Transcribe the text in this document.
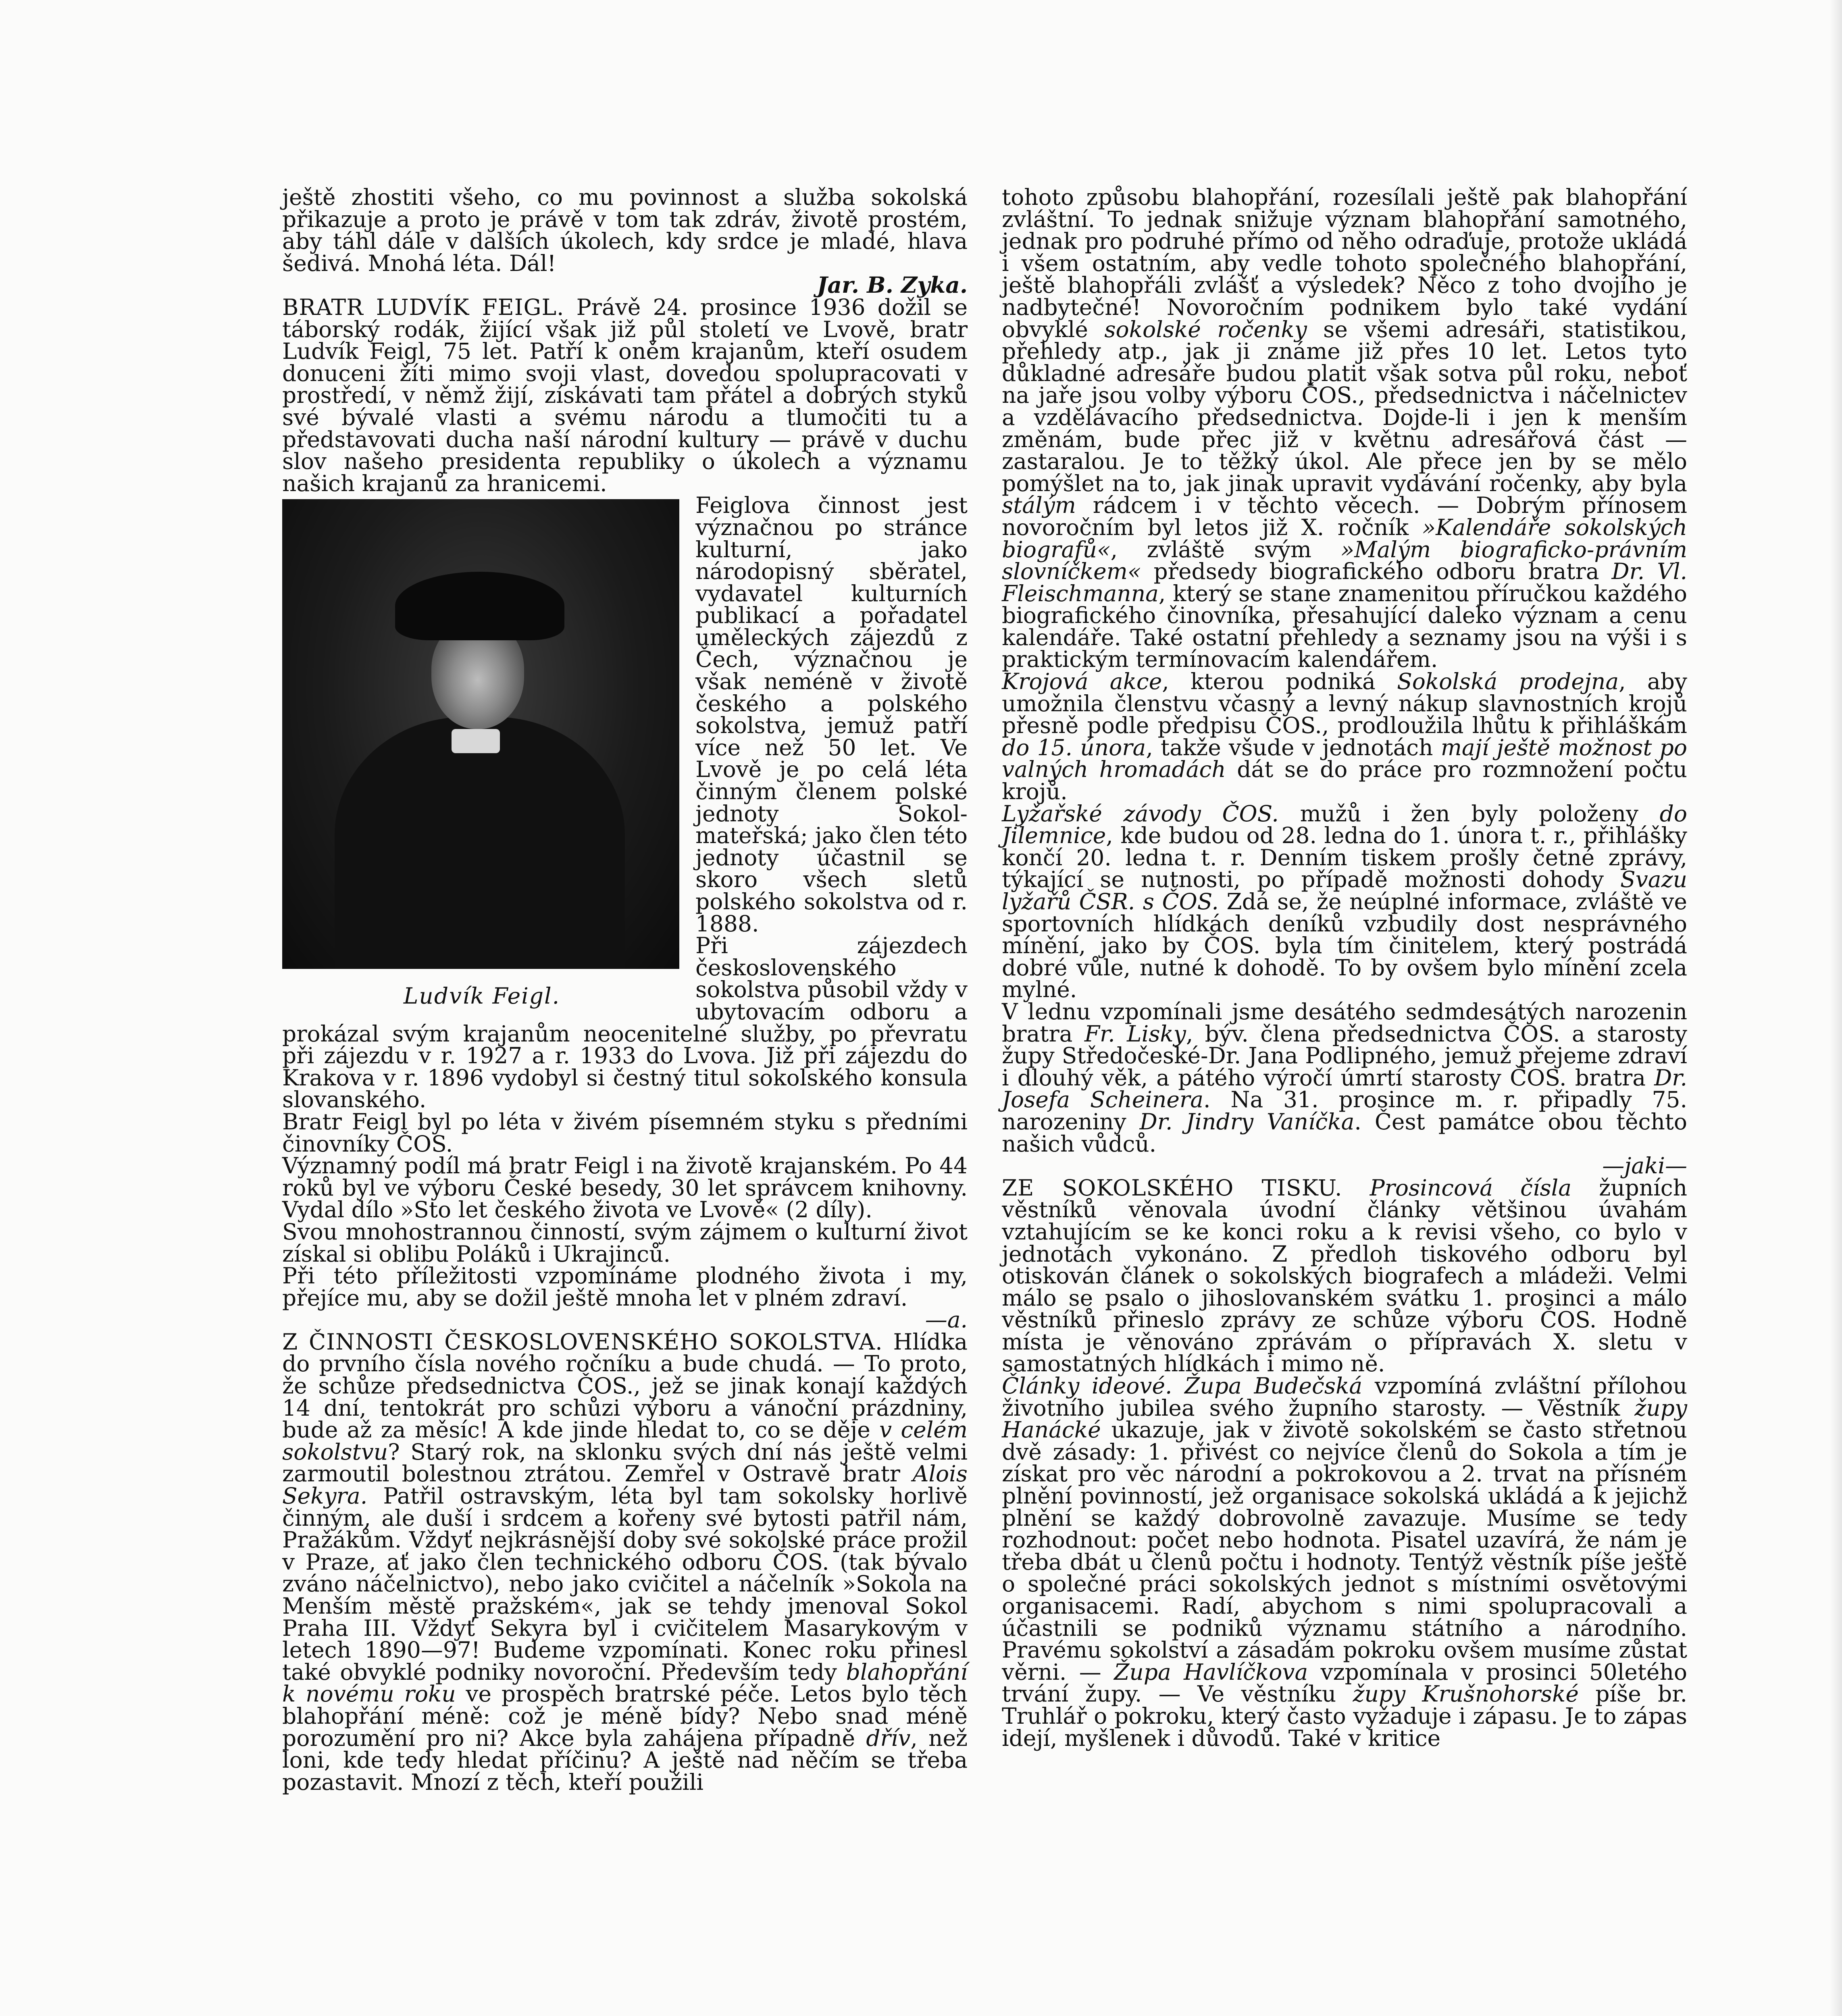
ještě zhostiti všeho, co mu povinnost a služba sokolská přikazuje a proto je právě v tom tak zdráv, životě prostém, aby táhl dále v dalších úkolech, kdy srdce je mladé, hlava šedivá. Mnohá léta. Dál!

Jar. B. Zyka.

BRATR LUDVÍK FEIGL. Právě 24. prosince 1936 dožil se táborský rodák, žijící však již půl století ve Lvově, bratr Ludvík Feigl, 75 let. Patří k oněm krajanům, kteří osudem donuceni žíti mimo svoji vlast, dovedou spolupracovati v prostředí, v němž žijí, získávati tam přátel a dobrých styků své bývalé vlasti a svému národu a tlumočiti tu a představovati ducha naší národní kultury — právě v duchu slov našeho presidenta republiky o úkolech a významu našich krajanů za hranicemi.

Ludvík Feigl.

Feiglova činnost jest význačnou po stránce kulturní, jako národopisný sběratel, vydavatel kulturních publikací a pořadatel uměleckých zájezdů z Čech, význačnou je však neméně v životě českého a polského sokolstva, jemuž patří více než 50 let. Ve Lvově je po celá léta činným členem polské jednoty Sokol-mateřská; jako člen této jednoty účastnil se skoro všech sletů polského sokolstva od r. 1888.

Při zájezdech československého sokolstva působil vždy v ubytovacím odboru a prokázal svým krajanům neocenitelné služby, po převratu při zájezdu v r. 1927 a r. 1933 do Lvova. Již při zájezdu do Krakova v r. 1896 vydobyl si čestný titul sokolského konsula slovanského.

Bratr Feigl byl po léta v živém písemném styku s předními činovníky ČOS.

Významný podíl má bratr Feigl i na životě krajanském. Po 44 roků byl ve výboru České besedy, 30 let správcem knihovny. Vydal dílo »Sto let českého života ve Lvově« (2 díly).

Svou mnohostrannou činností, svým zájmem o kulturní život získal si oblibu Poláků i Ukrajinců.

Při této příležitosti vzpomínáme plodného života i my, přejíce mu, aby se dožil ještě mnoha let v plném zdraví.

—a.

Z ČINNOSTI ČESKOSLOVENSKÉHO SOKOLSTVA. Hlídka do prvního čísla nového ročníku a bude chudá. — To proto, že schůze předsednictva ČOS., jež se jinak konají každých 14 dní, tentokrát pro schůzi výboru a vánoční prázdniny, bude až za měsíc! A kde jinde hledat to, co se děje v celém sokolstvu? Starý rok, na sklonku svých dní nás ještě velmi zarmoutil bolestnou ztrátou. Zemřel v Ostravě bratr Alois Sekyra. Patřil ostravským, léta byl tam sokolsky horlivě činným, ale duší i srdcem a kořeny své bytosti patřil nám, Pražákům. Vždyť nejkrásnější doby své sokolské práce prožil v Praze, ať jako člen technického odboru ČOS. (tak bývalo zváno náčelnictvo), nebo jako cvičitel a náčelník »Sokola na Menším městě pražském«, jak se tehdy jmenoval Sokol Praha III. Vždyť Sekyra byl i cvičitelem Masarykovým v letech 1890—97! Budeme vzpomínati. Konec roku přinesl také obvyklé podniky novoroční. Především tedy blahopřání k novému roku ve prospěch bratrské péče. Letos bylo těch blahopřání méně: což je méně bídy? Nebo snad méně porozumění pro ni? Akce byla zahájena případně dřív, než loni, kde tedy hledat příčinu? A ještě nad něčím se třeba pozastavit. Mnozí z těch, kteří použili

tohoto způsobu blahopřání, rozesílali ještě pak blahopřání zvláštní. To jednak snižuje význam blahopřání samotného, jednak pro podruhé přímo od něho odraďuje, protože ukládá i všem ostatním, aby vedle tohoto společného blahopřání, ještě blahopřáli zvlášť a výsledek? Něco z toho dvojího je nadbytečné! Novoročním podnikem bylo také vydání obvyklé sokolské ročenky se všemi adresáři, statistikou, přehledy atp., jak ji známe již přes 10 let. Letos tyto důkladné adresáře budou platit však sotva půl roku, neboť na jaře jsou volby výboru ČOS., předsednictva i náčelnictev a vzdělávacího předsednictva. Dojde-li i jen k menším změnám, bude přec již v květnu adresářová část — zastaralou. Je to těžký úkol. Ale přece jen by se mělo pomýšlet na to, jak jinak upravit vydávání ročenky, aby byla stálým rádcem i v těchto věcech. — Dobrým přínosem novoročním byl letos již X. ročník »Kalendáře sokolských biografů«, zvláště svým »Malým biograficko-právním slovníčkem« předsedy biografického odboru bratra Dr. Vl. Fleischmanna, který se stane znamenitou příručkou každého biografického činovníka, přesahující daleko význam a cenu kalendáře. Také ostatní přehledy a seznamy jsou na výši i s praktickým termínovacím kalendářem.

Krojová akce, kterou podniká Sokolská prodejna, aby umožnila členstvu včasný a levný nákup slavnostních krojů přesně podle předpisu ČOS., prodloužila lhůtu k přihláškám do 15. února, takže všude v jednotách mají ještě možnost po valných hromadách dát se do práce pro rozmnožení počtu krojů.

Lyžařské závody ČOS. mužů i žen byly položeny do Jilemnice, kde budou od 28. ledna do 1. února t. r., přihlášky končí 20. ledna t. r. Denním tiskem prošly četné zprávy, týkající se nutnosti, po případě možnosti dohody Svazu lyžařů ČSR. s ČOS. Zdá se, že neúplné informace, zvláště ve sportovních hlídkách deníků vzbudily dost nesprávného mínění, jako by ČOS. byla tím činitelem, který postrádá dobré vůle, nutné k dohodě. To by ovšem bylo mínění zcela mylné.

V lednu vzpomínali jsme desátého sedmdesátých narozenin bratra Fr. Lisky, býv. člena předsednictva ČOS. a starosty župy Středočeské-Dr. Jana Podlipného, jemuž přejeme zdraví i dlouhý věk, a pátého výročí úmrtí starosty ČOS. bratra Dr. Josefa Scheinera. Na 31. prosince m. r. připadly 75. narozeniny Dr. Jindry Vaníčka. Čest památce obou těchto našich vůdců.

—jaki—

ZE SOKOLSKÉHO TISKU. Prosincová čísla župních věstníků věnovala úvodní články většinou úvahám vztahujícím se ke konci roku a k revisi všeho, co bylo v jednotách vykonáno. Z předloh tiskového odboru byl otiskován článek o sokolských biografech a mládeži. Velmi málo se psalo o jihoslovanském svátku 1. prosinci a málo věstníků přineslo zprávy ze schůze výboru ČOS. Hodně místa je věnováno zprávám o přípravách X. sletu v samostatných hlídkách i mimo ně.

Články ideové. Župa Budečská vzpomíná zvláštní přílohou životního jubilea svého župního starosty. — Věstník župy Hanácké ukazuje, jak v životě sokolském se často střetnou dvě zásady: 1. přivést co nejvíce členů do Sokola a tím je získat pro věc národní a pokrokovou a 2. trvat na přísném plnění povinností, jež organisace sokolská ukládá a k jejichž plnění se každý dobrovolně zavazuje. Musíme se tedy rozhodnout: počet nebo hodnota. Pisatel uzavírá, že nám je třeba dbát u členů počtu i hodnoty. Tentýž věstník píše ještě o společné práci sokolských jednot s místními osvětovými organisacemi. Radí, abychom s nimi spolupracovali a účastnili se podniků významu státního a národního. Pravému sokolství a zásadám pokroku ovšem musíme zůstat věrni. — Župa Havlíčkova vzpomínala v prosinci 50letého trvání župy. — Ve věstníku župy Krušnohorské píše br. Truhlář o pokroku, který často vyžaduje i zápasu. Je to zápas idejí, myšlenek i důvodů. Také v kritice
